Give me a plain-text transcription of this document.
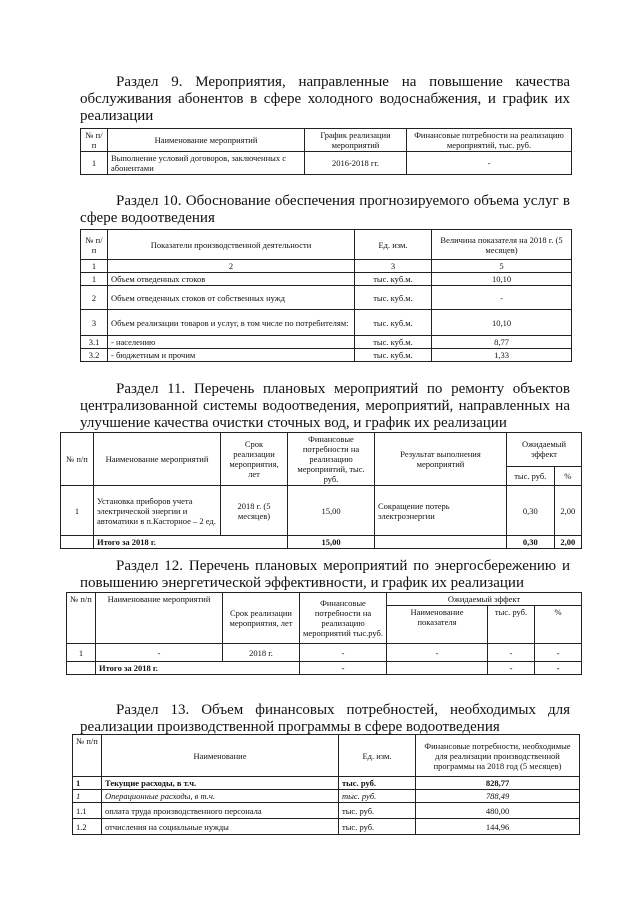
Раздел 9. Мероприятия, направленные на повышение качества
обслуживания абонентов в сфере холодного водоснабжения, и график их
реализации
№ п/п	Наименование мероприятий	График реализации мероприятий	Финансовые потребности на реализацию мероприятий, тыс. руб.
1	Выполнение условий договоров, заключенных с абонентами	2016-2018 гг.	-
Раздел 10. Обоснование обеспечения прогнозируемого объема услуг в
сфере водоотведения
№ п/п	Показатели производственной деятельности	Ед. изм.	Величина показателя на 2018 г. (5 месяцев)
1	2	3	5
1	Объем отведенных стоков	тыс. куб.м.	10,10
2	Объем отведенных стоков от собственных нужд	тыс. куб.м.	-
3	Объем реализации товаров и услуг, в том числе по потребителям:	тыс. куб.м.	10,10
3.1	- населению	тыс. куб.м.	8,77
3.2	- бюджетным и прочим	тыс. куб.м.	1,33
Раздел 11. Перечень плановых мероприятий по ремонту объектов
централизованной системы водоотведения, мероприятий, направленных на
улучшение качества очистки сточных вод, и график их реализации
№ п/п	Наименование мероприятий	Срок реализации мероприятия, лет	Финансовые потребности на реализацию мероприятий, тыс. руб.	Результат выполнения мероприятий	Ожидаемый эффект	
					тыс. руб.	%
1	Установка приборов учета электрической энергии и автоматики в п.Касторное – 2 ед.	2018 г. (5 месяцев)	15,00	Сокращение потерь электроэнергии	0,30	2,00
	Итого за 2018 г.		15,00		0,30	2,00
Раздел 12. Перечень плановых мероприятий по энергосбережению и
повышению энергетической эффективности, и график их реализации
№ п/п	Наименование мероприятий	Срок реализации мероприятия, лет	Финансовые потребности на реализацию мероприятий тыс.руб.	Ожидаемый эффект		
				Наименование показателя	тыс. руб.	%
1	-	2018 г.	-	-	-	-
	Итого за 2018 г.		-		-	-
Раздел 13. Объем финансовых потребностей, необходимых для
реализации производственной программы в сфере водоотведения
№ п/п	Наименование	Ед. изм.	Финансовые потребности, необходимые для реализации производственной программы на 2018 год (5 месяцев)
1	Текущие расходы, в т.ч.	тыс. руб.	828,77
1	Операционные расходы, в т.ч.	тыс. руб.	788,49
1.1	оплата труда производственного персонала	тыс. руб.	480,00
1.2	отчисления на социальные нужды	тыс. руб.	144,96
